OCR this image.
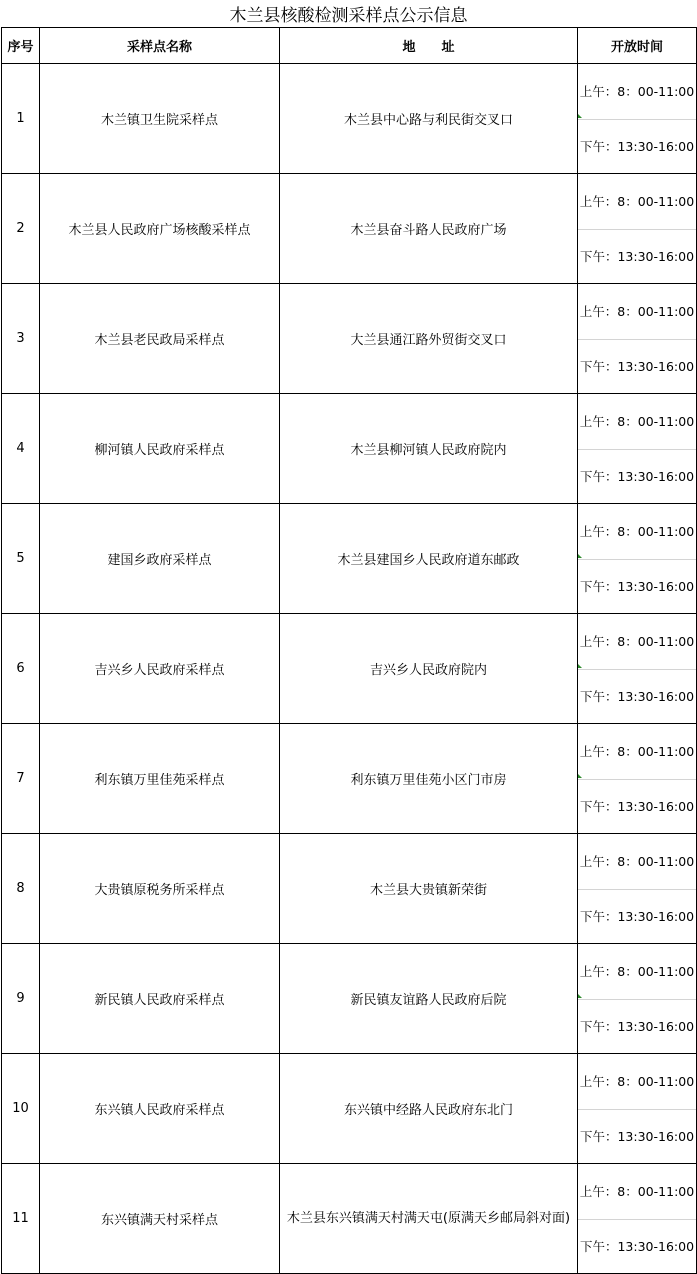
木兰县核酸检测采样点公示信息
序号	采样点名称	地　　址	开放时间
1	木兰镇卫生院采样点	木兰县中心路与利民街交叉口	上午：8：00-11:00
下午：13:30-16:00

2	木兰县人民政府广场核酸采样点	木兰县奋斗路人民政府广场	上午：8：00-11:00
下午：13:30-16:00

3	木兰县老民政局采样点	大兰县通江路外贸街交叉口	上午：8：00-11:00
下午：13:30-16:00

4	柳河镇人民政府采样点	木兰县柳河镇人民政府院内	上午：8：00-11:00
下午：13:30-16:00

5	建国乡政府采样点	木兰县建国乡人民政府道东邮政	上午：8：00-11:00
下午：13:30-16:00

6	吉兴乡人民政府采样点	吉兴乡人民政府院内	上午：8：00-11:00
下午：13:30-16:00

7	利东镇万里佳苑采样点	利东镇万里佳苑小区门市房	上午：8：00-11:00
下午：13:30-16:00

8	大贵镇原税务所采样点	木兰县大贵镇新荣街	上午：8：00-11:00
下午：13:30-16:00

9	新民镇人民政府采样点	新民镇友谊路人民政府后院	上午：8：00-11:00
下午：13:30-16:00

10	东兴镇人民政府采样点	东兴镇中经路人民政府东北门	上午：8：00-11:00
下午：13:30-16:00

11	东兴镇满天村采样点	木兰县东兴镇满天村满天屯(原满天乡邮局斜对面)	上午：8：00-11:00
下午：13:30-16:00
